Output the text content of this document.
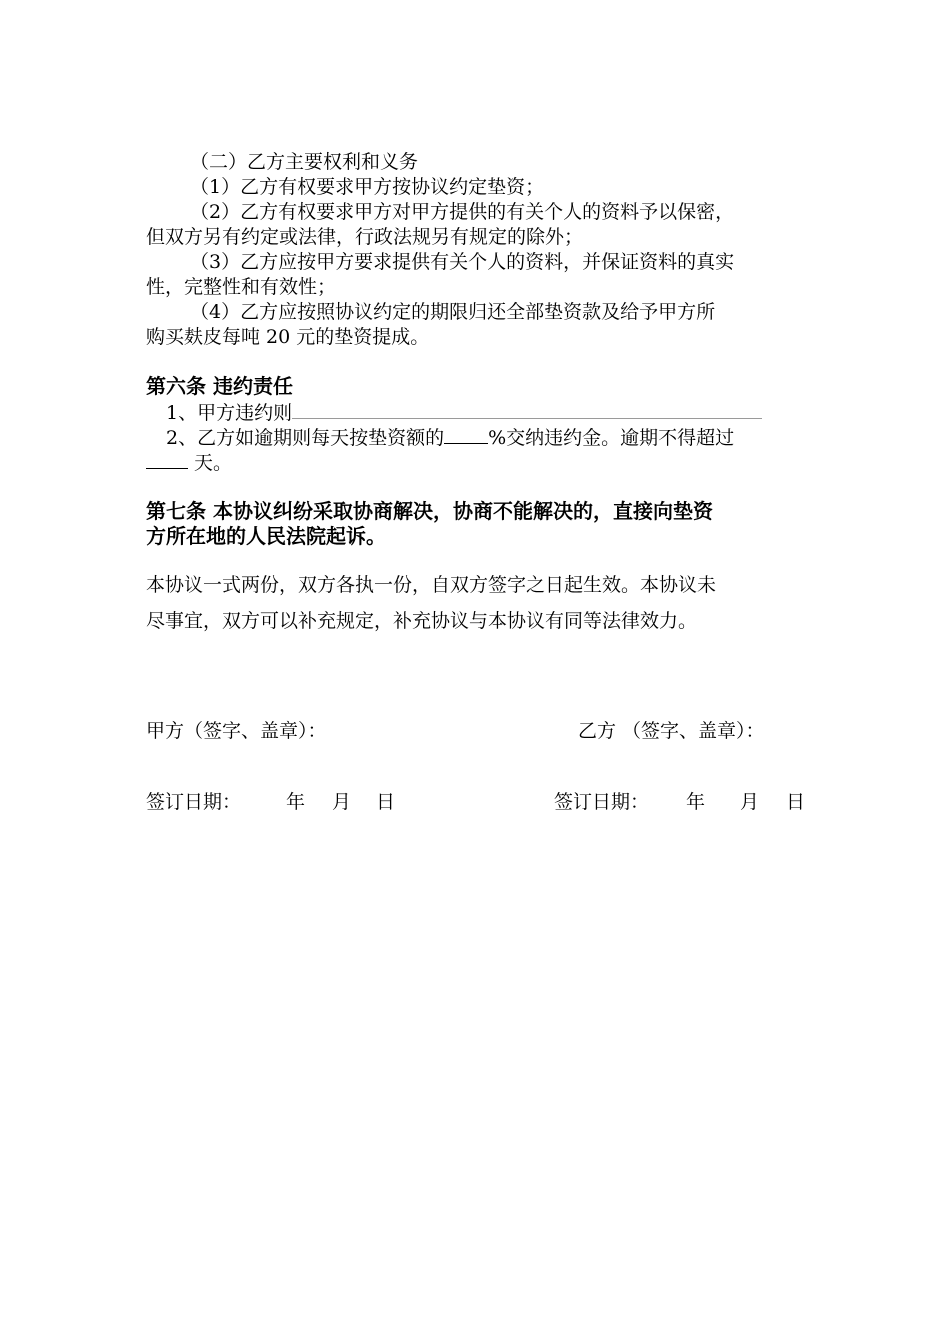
（二）乙方主要权利和义务
（1）乙方有权要求甲方按协议约定垫资；
（2）乙方有权要求甲方对甲方提供的有关个人的资料予以保密，
但双方另有约定或法律，行政法规另有规定的除外；
（3）乙方应按甲方要求提供有关个人的资料，并保证资料的真实
性，完整性和有效性；
（4）乙方应按照协议约定的期限归还全部垫资款及给予甲方所
购买麸皮每吨 20 元的垫资提成。
第六条 违约责任
1、甲方违约则
2、乙方如逾期则每天按垫资额的 %交纳违约金。逾期不得超过
天。
第七条 本协议纠纷采取协商解决，协商不能解决的，直接向垫资
方所在地的人民法院起诉。
本协议一式两份，双方各执一份，自双方签字之日起生效。本协议未
尽事宜，双方可以补充规定，补充协议与本协议有同等法律效力。
甲方（签字、盖章）：	乙方 （签字、盖章）：
签订日期： 年 月 日	签订日期： 年 月 日
